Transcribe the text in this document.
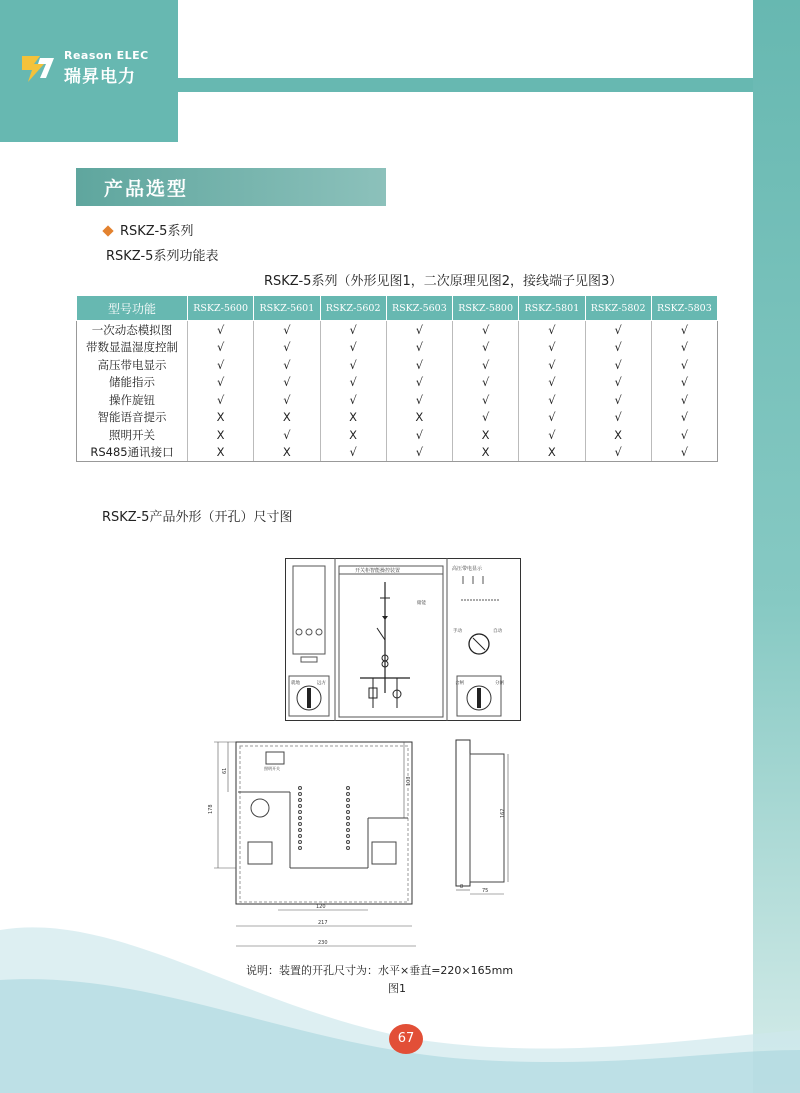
Reason ELEC
瑞昇电力
产品选型
RSKZ-5系列
RSKZ-5系列功能表
RSKZ-5系列（外形见图1，二次原理见图2，接线端子见图3）
型号功能	RSKZ-5600	RSKZ-5601	RSKZ-5602	RSKZ-5603	RSKZ-5800	RSKZ-5801	RSKZ-5802	RSKZ-5803
一次动态模拟图	√	√	√	√	√	√	√	√
带数显温湿度控制	√	√	√	√	√	√	√	√
高压带电显示	√	√	√	√	√	√	√	√
储能指示	√	√	√	√	√	√	√	√
操作旋钮	√	√	√	√	√	√	√	√
智能语音提示	X	X	X	X	√	√	√	√
照明开关	X	√	X	√	X	√	X	√
RS485通讯接口	X	X	√	√	X	X	√	√
RSKZ-5产品外形（开孔）尺寸图
就地	远方
开关柜智能操控装置
储能
高压带电显示
手动	自动
合闸	分闸
照明开关
178
61
103
120
217
230
162
8
75
说明：装置的开孔尺寸为：水平×垂直=220×165mm
图1
67
